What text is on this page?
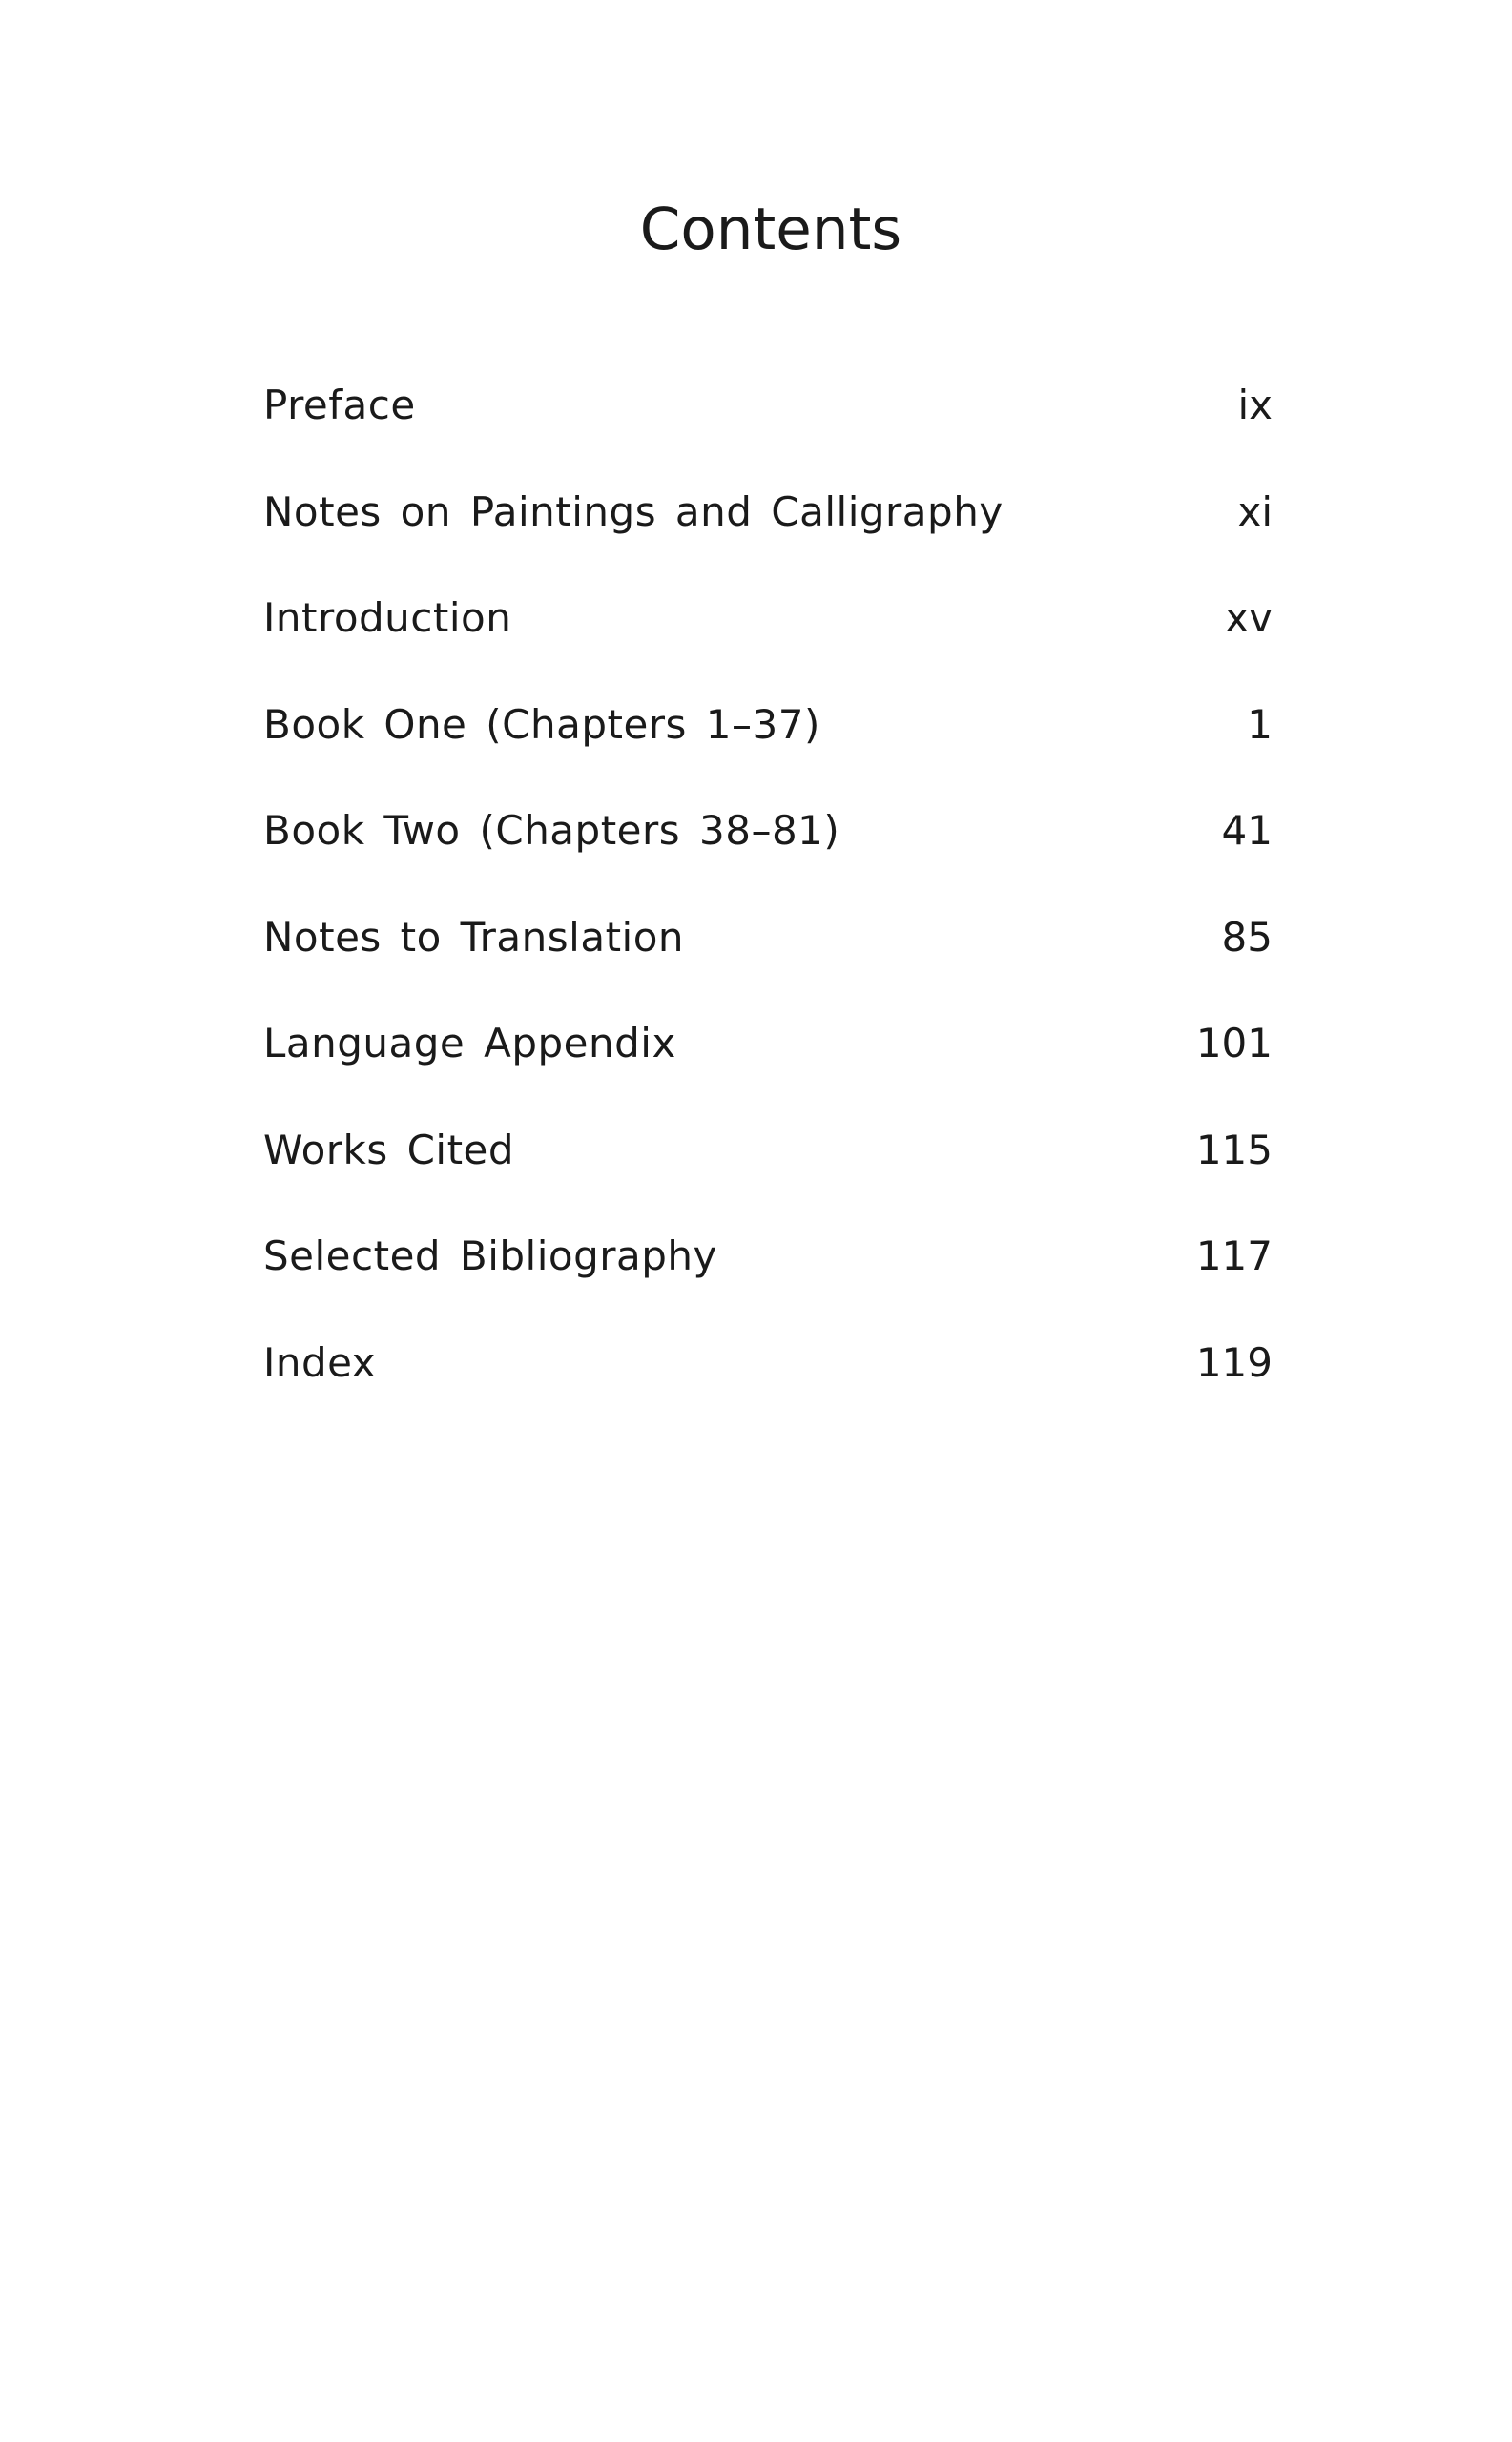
Contents
Preface	ix
Notes on Paintings and Calligraphy	xi
Introduction	xv
Book One (Chapters 1–37)	1
Book Two (Chapters 38–81)	41
Notes to Translation	85
Language Appendix	101
Works Cited	115
Selected Bibliography	117
Index	119
